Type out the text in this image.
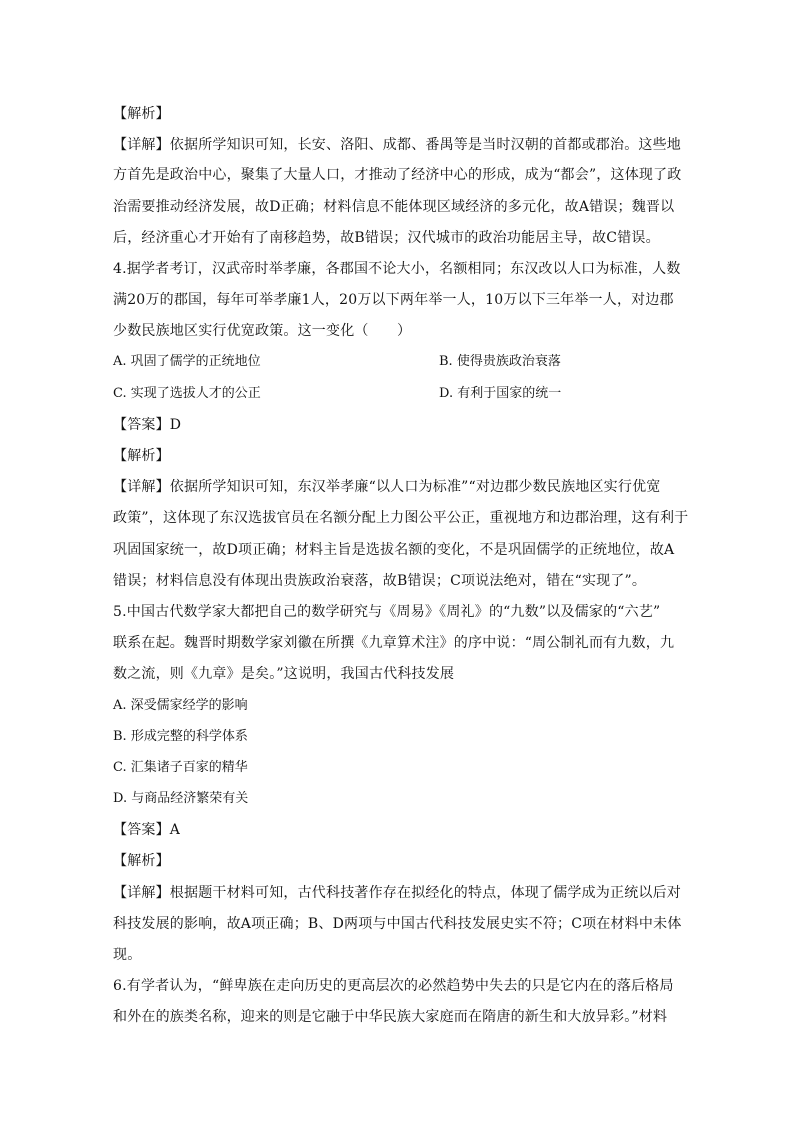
【解析】
【详解】依据所学知识可知，长安、洛阳、成都、番禺等是当时汉朝的首都或郡治。这些地
方首先是政治中心，聚集了大量人口，才推动了经济中心的形成，成为“都会”，这体现了政
治需要推动经济发展，故D正确；材料信息不能体现区域经济的多元化，故A错误；魏晋以
后，经济重心才开始有了南移趋势，故B错误；汉代城市的政治功能居主导，故C错误。
4.据学者考订，汉武帝时举孝廉，各郡国不论大小，名额相同；东汉改以人口为标准，人数
满20万的郡国，每年可举孝廉1人，20万以下两年举一人，10万以下三年举一人，对边郡
少数民族地区实行优宽政策。这一变化（　　）
A. 巩固了儒学的正统地位	B. 使得贵族政治衰落
C. 实现了选拔人才的公正	D. 有利于国家的统一
【答案】D
【解析】
【详解】依据所学知识可知，东汉举孝廉“以人口为标准”“对边郡少数民族地区实行优宽
政策”，这体现了东汉选拔官员在名额分配上力图公平公正，重视地方和边郡治理，这有利于
巩固国家统一，故D项正确；材料主旨是选拔名额的变化，不是巩固儒学的正统地位，故A
错误；材料信息没有体现出贵族政治衰落，故B错误；C项说法绝对，错在“实现了”。
5.中国古代数学家大都把自己的数学研究与《周易》《周礼》的“九数”以及儒家的“六艺”
联系在起。魏晋时期数学家刘徽在所撰《九章算术注》的序中说：“周公制礼而有九数，九
数之流，则《九章》是矣。”这说明，我国古代科技发展
A. 深受儒家经学的影响
B. 形成完整的科学体系
C. 汇集诸子百家的精华
D. 与商品经济繁荣有关
【答案】A
【解析】
【详解】根据题干材料可知，古代科技著作存在拟经化的特点，体现了儒学成为正统以后对
科技发展的影响，故A项正确；B、D两项与中国古代科技发展史实不符；C项在材料中未体
现。
6.有学者认为，“鲜卑族在走向历史的更高层次的必然趋势中失去的只是它内在的落后格局
和外在的族类名称，迎来的则是它融于中华民族大家庭而在隋唐的新生和大放异彩。”材料
